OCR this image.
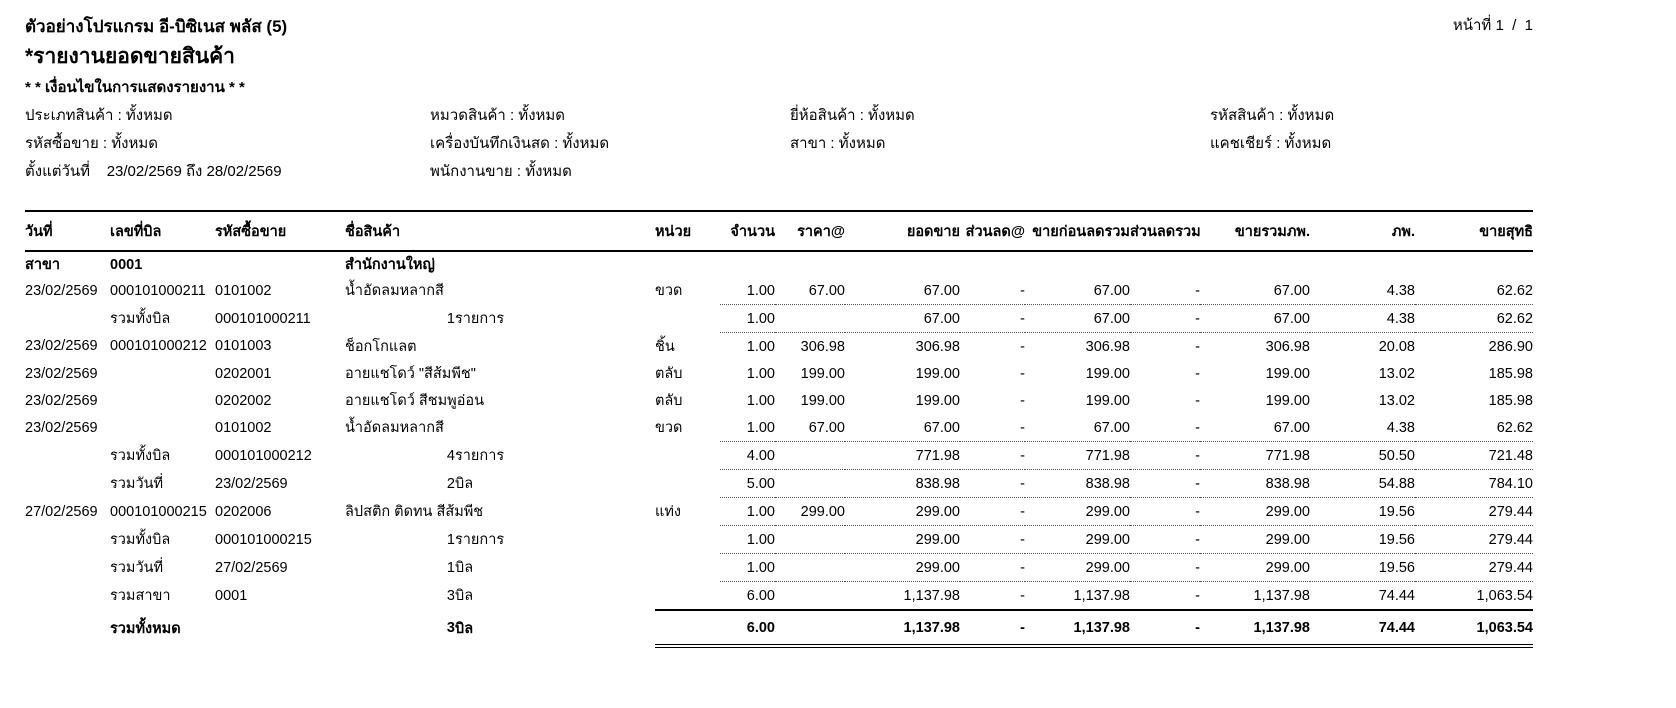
ตัวอย่างโปรแกรม อี-บิซิเนส พลัส (5)	หน้าที่ 1  /  1
*รายงานยอดขายสินค้า
* * เงื่อนไขในการแสดงรายงาน * *
ประเภทสินค้า : ทั้งหมด
รหัสซื้อขาย : ทั้งหมด
ตั้งแต่วันที่    23/02/2569 ถึง 28/02/2569
หมวดสินค้า : ทั้งหมด
เครื่องบันทึกเงินสด : ทั้งหมด
พนักงานขาย : ทั้งหมด
ยี่ห้อสินค้า : ทั้งหมด
สาขา : ทั้งหมด
รหัสสินค้า : ทั้งหมด
แคชเชียร์ : ทั้งหมด
วันที่	เลขที่บิล	รหัสซื้อขาย	ชื่อสินค้า		หน่วย	จำนวน	ราคา@	ยอดขาย	ส่วนลด@	ขายก่อนลดรวม	ส่วนลดรวม	ขายรวมภพ.	ภพ.	ขายสุทธิ
สาขา	0001		สำนักงานใหญ่											
23/02/2569	000101000211	0101002	น้ำอัดลมหลากสี		ขวด	1.00	67.00	67.00	-	67.00	-	67.00	4.38	62.62
	รวมทั้งบิล	000101000211	1	รายการ		1.00		67.00	-	67.00	-	67.00	4.38	62.62
23/02/2569	000101000212	0101003	ช็อกโกแลต		ชิ้น	1.00	306.98	306.98	-	306.98	-	306.98	20.08	286.90
23/02/2569		0202001	อายแชโดว์ "สีส้มพีช"		ตลับ	1.00	199.00	199.00	-	199.00	-	199.00	13.02	185.98
23/02/2569		0202002	อายแชโดว์ สีชมพูอ่อน		ตลับ	1.00	199.00	199.00	-	199.00	-	199.00	13.02	185.98
23/02/2569		0101002	น้ำอัดลมหลากสี		ขวด	1.00	67.00	67.00	-	67.00	-	67.00	4.38	62.62
	รวมทั้งบิล	000101000212	4	รายการ		4.00		771.98	-	771.98	-	771.98	50.50	721.48
	รวมวันที่	23/02/2569	2	บิล		5.00		838.98	-	838.98	-	838.98	54.88	784.10
27/02/2569	000101000215	0202006	ลิปสติก ติดทน สีส้มพีช		แท่ง	1.00	299.00	299.00	-	299.00	-	299.00	19.56	279.44
	รวมทั้งบิล	000101000215	1	รายการ		1.00		299.00	-	299.00	-	299.00	19.56	279.44
	รวมวันที่	27/02/2569	1	บิล		1.00		299.00	-	299.00	-	299.00	19.56	279.44
	รวมสาขา	0001	3	บิล		6.00		1,137.98	-	1,137.98	-	1,137.98	74.44	1,063.54
	รวมทั้งหมด		3	บิล		6.00		1,137.98	-	1,137.98	-	1,137.98	74.44	1,063.54
